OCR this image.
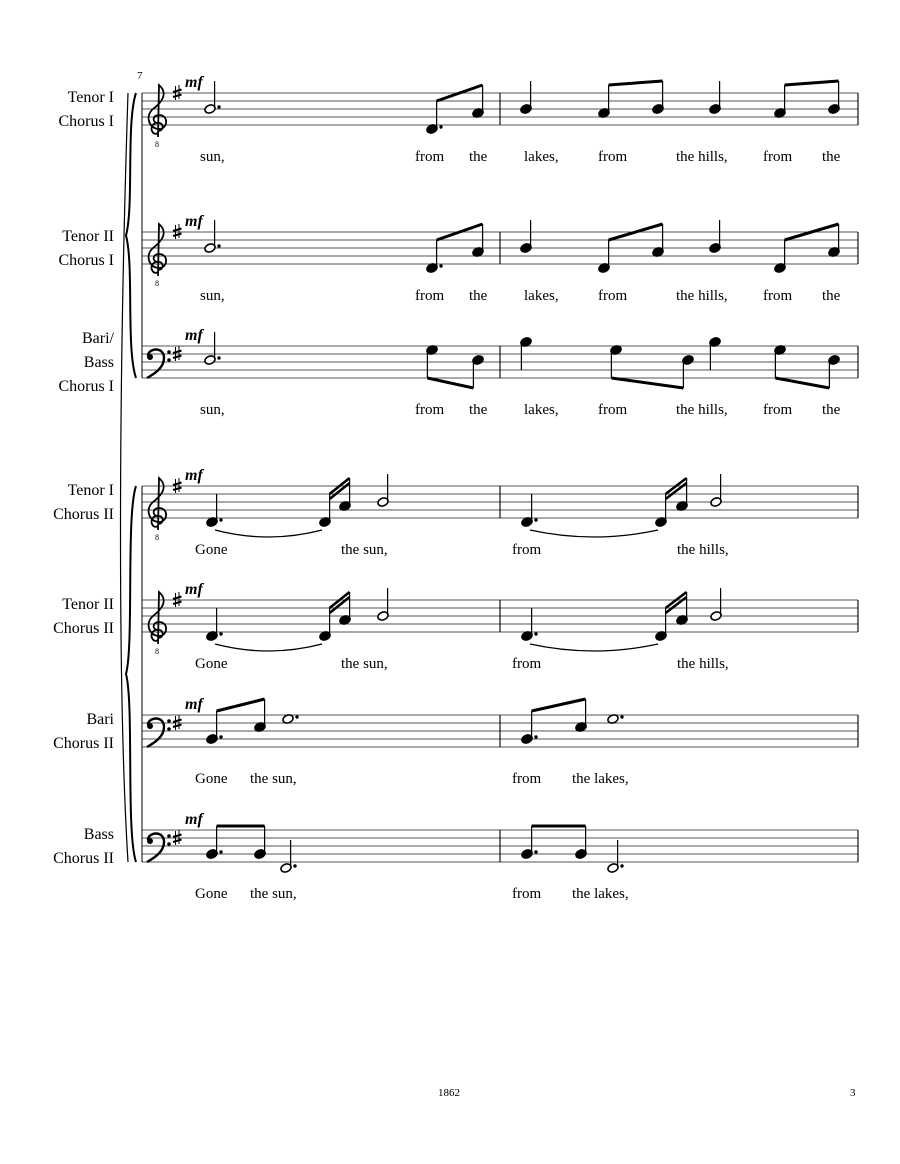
7
Tenor I
Chorus I
8
mf
sun,	from the lakes,	from	the hills, from the
Tenor II
Chorus I
8
mf
sun,	from the lakes,	from	the hills, from the
Bari/
Bass
Chorus I
mf
sun,	from the lakes,	from	the hills, from the
Tenor I
Chorus II
8
mf
Gone	the sun,	from	the hills,
Tenor II
Chorus II
8
mf
Gone	the sun,	from	the hills,
Bari
Chorus II
mf
Gone the sun,	from the lakes,
Bass
Chorus II
mf
Gone the sun,	from the lakes,
1862	3
